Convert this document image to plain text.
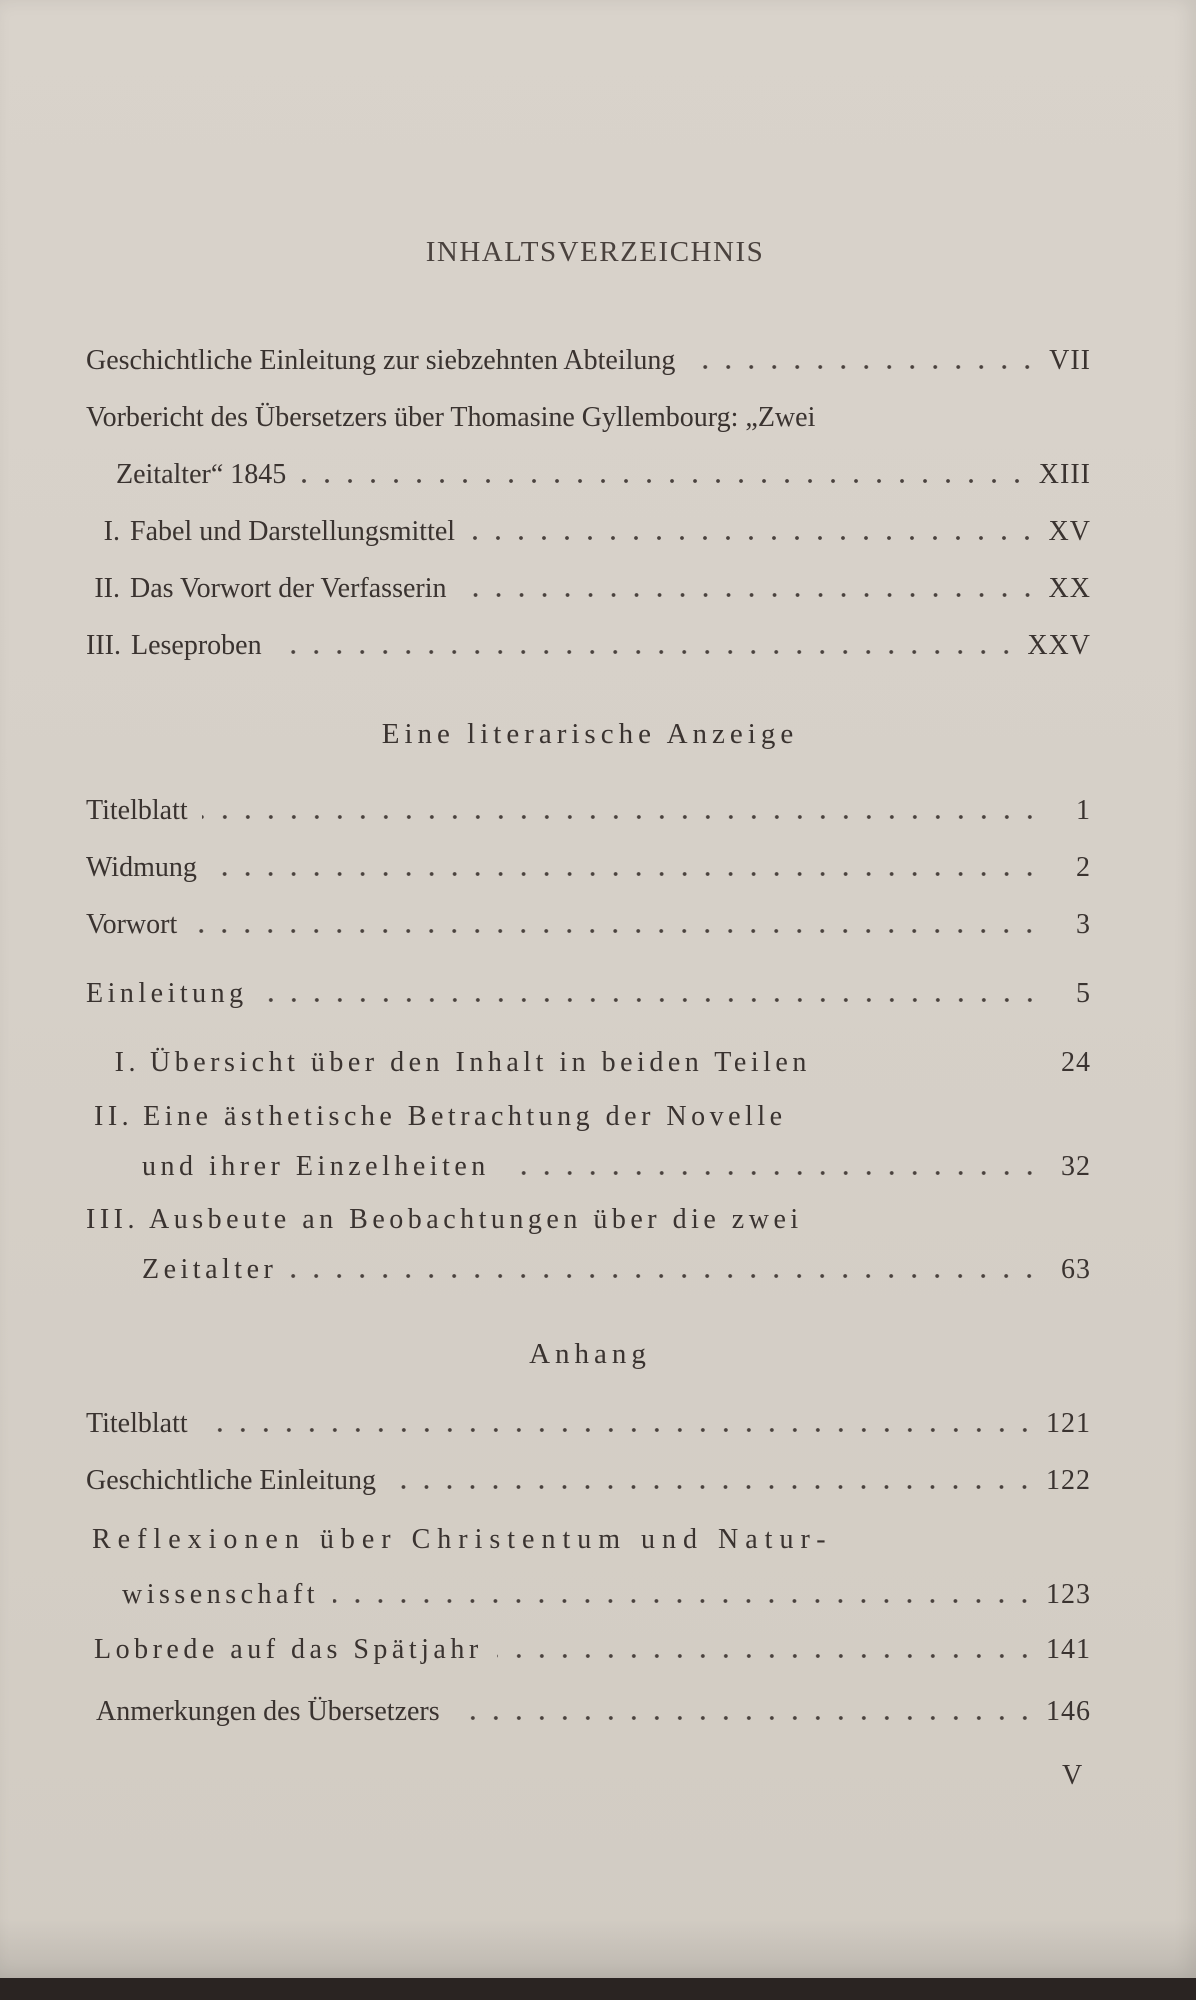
INHALTSVERZEICHNIS
Geschichtliche Einleitung zur siebzehnten Abteilung	VII
Vorbericht des Übersetzers über Thomasine Gyllembourg: „Zwei
Zeitalter“ 1845	XIII
I. Fabel und Darstellungsmittel	XV
II. Das Vorwort der Verfasserin	XX
III. Leseproben	XXV
Eine literarische Anzeige
Titelblatt	1
Widmung	2
Vorwort	3
Einleitung	5
I. Übersicht über den Inhalt in beiden Teilen	24
II. Eine ästhetische Betrachtung der Novelle
und ihrer Einzelheiten	32
III. Ausbeute an Beobachtungen über die zwei
Zeitalter	63
Anhang
Titelblatt	121
Geschichtliche Einleitung	122
Reflexionen über Christentum und Natur-
wissenschaft	123
Lobrede auf das Spätjahr	141
Anmerkungen des Übersetzers	146
V
